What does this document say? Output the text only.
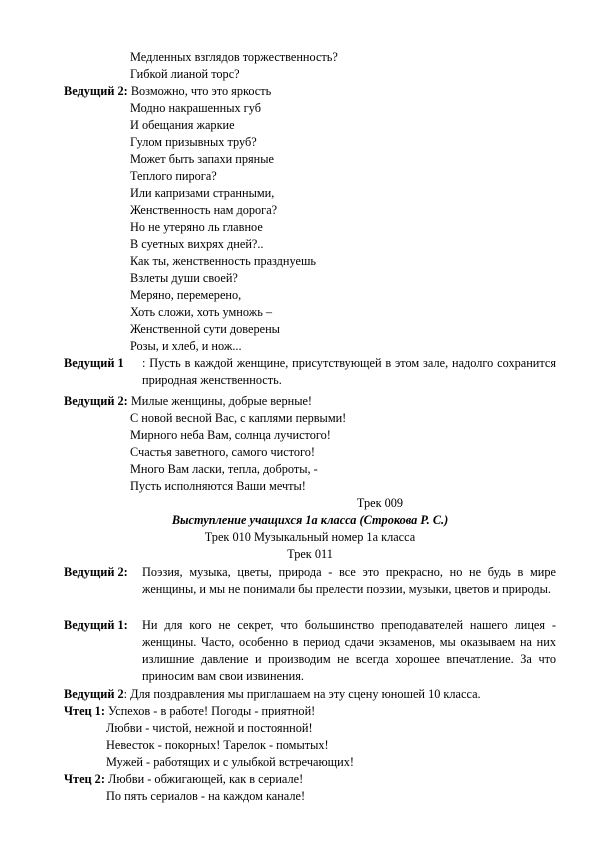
Медленных взглядов торжественность?
Гибкой лианой торс?
Ведущий 2: Возможно, что это яркость
Модно накрашенных губ
И обещания жаркие
Гулом призывных труб?
Может быть запахи пряные
Теплого пирога?
Или капризами странными,
Женственность нам дорога?
Но не утеряно ль главное
В суетных вихрях дней?..
Как ты, женственность празднуешь
Взлеты души своей?
Меряно, перемерено,
Хоть сложи, хоть умножь –
Женственной сути доверены
Розы, и хлеб, и нож...
Ведущий 1	: Пусть в каждой женщине, присутствующей в этом зале, надолго сохранится природная женственность.
Ведущий 2: Милые женщины, добрые верные!
С новой весной Вас, с каплями первыми!
Мирного неба Вам, солнца лучистого!
Счастья заветного, самого чистого!
Много Вам ласки, тепла, доброты, -
Пусть исполняются Ваши мечты!
Трек 009
Выступление учащихся 1а класса (Строкова Р. С.)
Трек 010 Музыкальный номер 1а класса
Трек 011
Ведущий 2:	Поэзия, музыка, цветы, природа - все это прекрасно, но не будь в мире женщины, и мы не понимали бы прелести поэзии, музыки, цветов и природы.
Ведущий 1:	Ни для кого не секрет, что большинство преподавателей нашего лицея - женщины. Часто, особенно в период сдачи экзаменов, мы оказываем на них излишние давление и производим не всегда хорошее впечатление. За что приносим вам свои извинения.
Ведущий 2: Для поздравления мы приглашаем на эту сцену юношей 10 класса.
Чтец 1: Успехов - в работе! Погоды - приятной!
Любви - чистой, нежной и постоянной!
Невесток - покорных! Тарелок - помытых!
Мужей - работящих и с улыбкой встречающих!
Чтец 2: Любви - обжигающей, как в сериале!
По пять сериалов - на каждом канале!
